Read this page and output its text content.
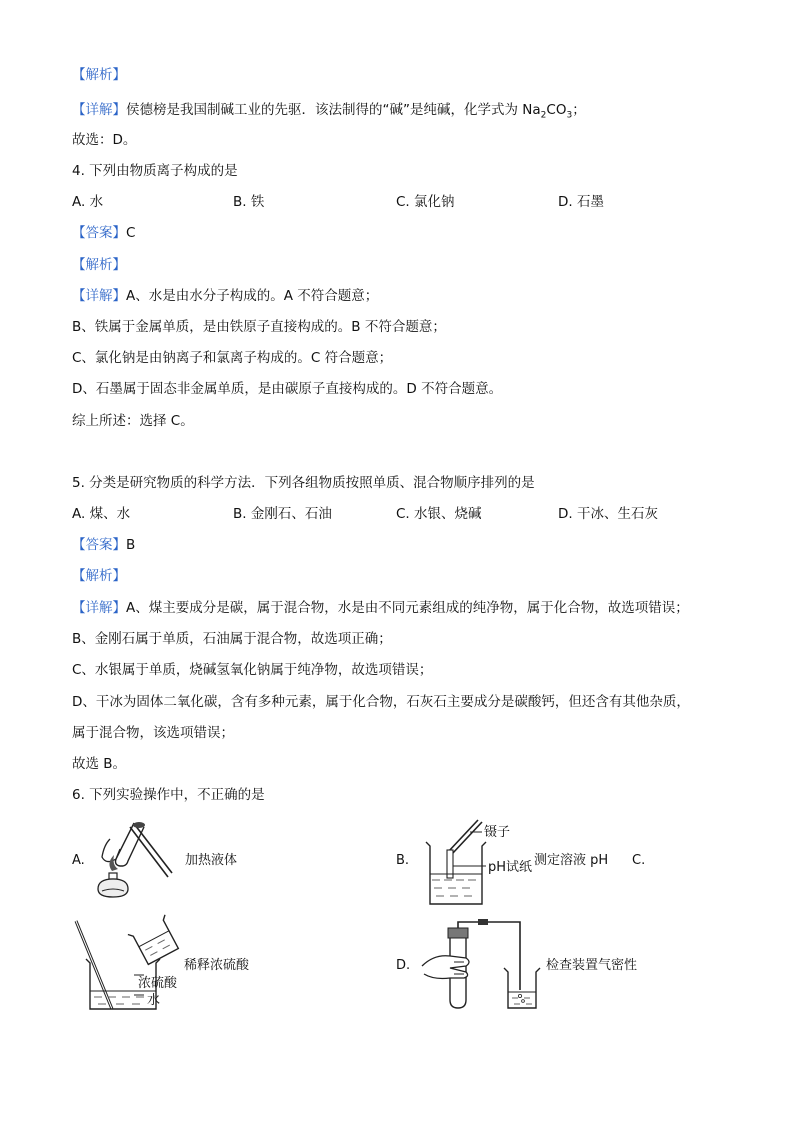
【解析】
【详解】侯德榜是我国制碱工业的先驱．该法制得的“碱”是纯碱，化学式为 $Na_2CO_3$；
故选：D。
4. 下列由物质离子构成的是
A. 水	B. 铁	C. 氯化钠	D. 石墨
【答案】C
【解析】
【详解】A、水是由水分子构成的。A 不符合题意；
B、铁属于金属单质，是由铁原子直接构成的。B 不符合题意；
C、氯化钠是由钠离子和氯离子构成的。C 符合题意；
D、石墨属于固态非金属单质，是由碳原子直接构成的。D 不符合题意。
综上所述：选择 C。
5. 分类是研究物质的科学方法．下列各组物质按照单质、混合物顺序排列的是
A. 煤、水	B. 金刚石、石油	C. 水银、烧碱	D. 干冰、生石灰
【答案】B
【解析】
【详解】A、煤主要成分是碳，属于混合物，水是由不同元素组成的纯净物，属于化合物，故选项错误；
B、金刚石属于单质，石油属于混合物，故选项正确；
C、水银属于单质，烧碱氢氧化钠属于纯净物，故选项错误；
D、干冰为固体二氧化碳，含有多种元素，属于化合物，石灰石主要成分是碳酸钙，但还含有其他杂质，
属于混合物，该选项错误；
故选 B。
6. 下列实验操作中，不正确的是
A.	加热液体	B.
镊子
pH试纸 测定溶液 pH C.
稀释浓硫酸
浓硫酸
水
D.	检查装置气密性
